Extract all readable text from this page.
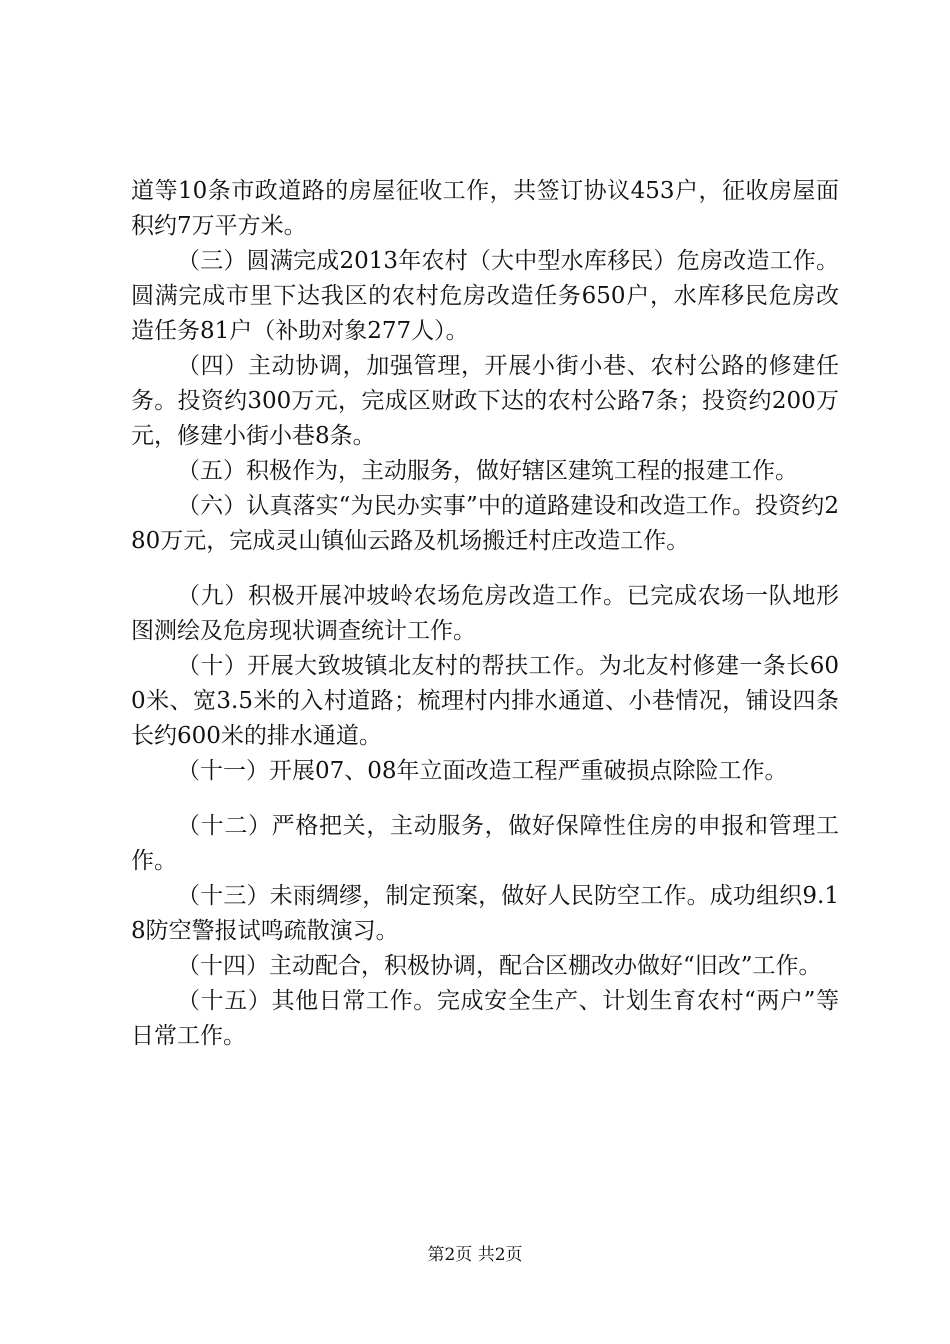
道等10条市政道路的房屋征收工作，共签订协议453户，征收房屋面积约7万平方米。

（三）圆满完成2013年农村（大中型水库移民）危房改造工作。圆满完成市里下达我区的农村危房改造任务650户，水库移民危房改造任务81户（补助对象277人）。

（四）主动协调，加强管理，开展小街小巷、农村公路的修建任务。投资约300万元，完成区财政下达的农村公路7条；投资约200万元，修建小街小巷8条。

（五）积极作为，主动服务，做好辖区建筑工程的报建工作。

（六）认真落实“为民办实事”中的道路建设和改造工作。投资约280万元，完成灵山镇仙云路及机场搬迁村庄改造工作。

（九）积极开展冲坡岭农场危房改造工作。已完成农场一队地形图测绘及危房现状调查统计工作。

（十）开展大致坡镇北友村的帮扶工作。为北友村修建一条长600米、宽3.5米的入村道路；梳理村内排水通道、小巷情况，铺设四条长约600米的排水通道。

（十一）开展07、08年立面改造工程严重破损点除险工作。

（十二）严格把关，主动服务，做好保障性住房的申报和管理工作。

（十三）未雨绸缪，制定预案，做好人民防空工作。成功组织9.18防空警报试鸣疏散演习。

（十四）主动配合，积极协调，配合区棚改办做好“旧改”工作。

（十五）其他日常工作。完成安全生产、计划生育农村“两户”等日常工作。

第2页 共2页
